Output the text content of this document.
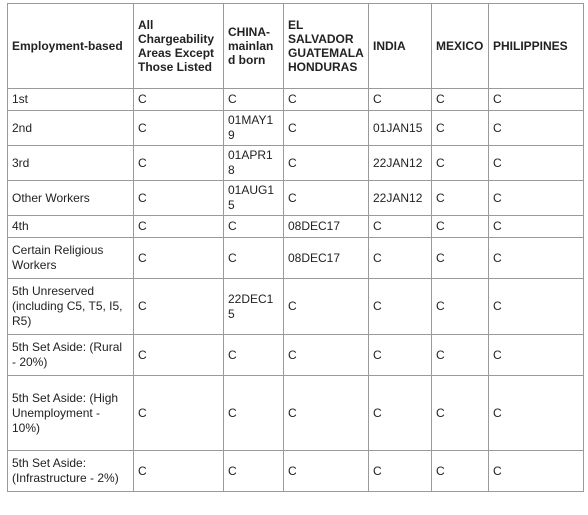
Employment-based	All Chargeability Areas Except Those Listed	CHINA-mainland born	EL SALVADOR GUATEMALA HONDURAS	INDIA	MEXICO	PHILIPPINES
1st	C	C	C	C	C	C
2nd	C	01MAY19	C	01JAN15	C	C
3rd	C	01APR18	C	22JAN12	C	C
Other Workers	C	01AUG15	C	22JAN12	C	C
4th	C	C	08DEC17	C	C	C
Certain Religious Workers	C	C	08DEC17	C	C	C
5th Unreserved (including C5, T5, I5, R5)	C	22DEC15	C	C	C	C
5th Set Aside: (Rural - 20%)	C	C	C	C	C	C
5th Set Aside: (High Unemployment - 10%)	C	C	C	C	C	C
5th Set Aside: (Infrastructure - 2%)	C	C	C	C	C	C
